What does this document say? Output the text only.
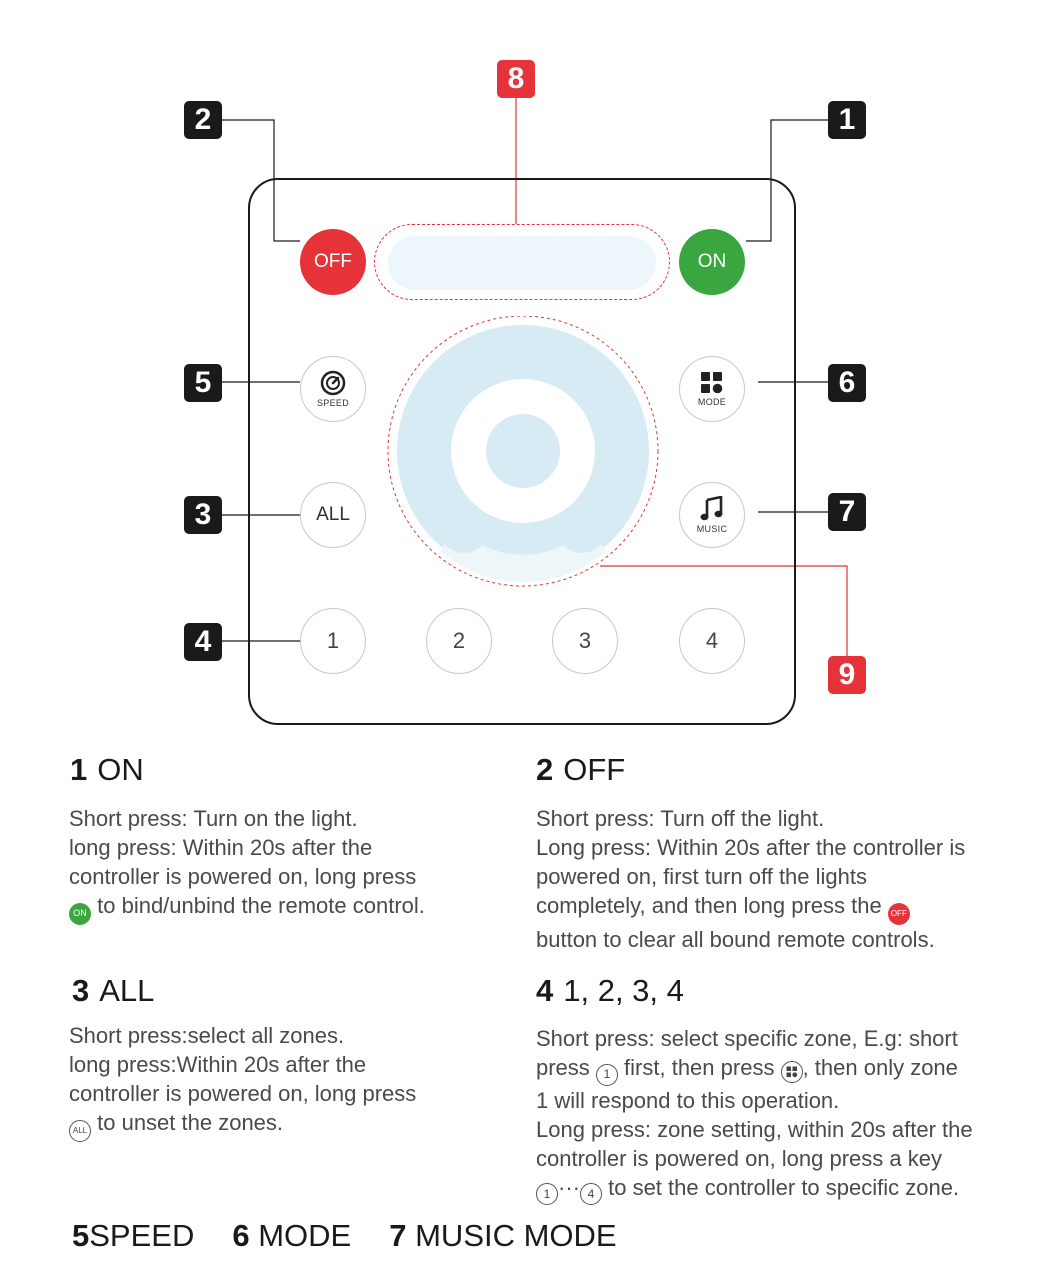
OFF	ON
SPEED	MODE
ALL
MUSIC
1	2	3	4
2	1
8
5	6
3	7
4
9
1 ON
Short press: Turn on the light.
long press: Within 20s after the
controller is powered on, long press
ON to bind/unbind the remote control.
2 OFF
Short press: Turn off the light.
Long press: Within 20s after the controller is
powered on, first turn off the lights
completely, and then long press the OFF
button to clear all bound remote controls.
3 ALL
Short press:select all zones.
long press:Within 20s after the
controller is powered on, long press
ALL to unset the zones.
4 1, 2, 3, 4
Short press: select specific zone, E.g: short
press 1 first, then press , then only zone
1 will respond to this operation.
Long press: zone setting, within 20s after the
controller is powered on, long press a key
1 ··· 4 to set the controller to specific zone.
5SPEED 6 MODE 7 MUSIC MODE
